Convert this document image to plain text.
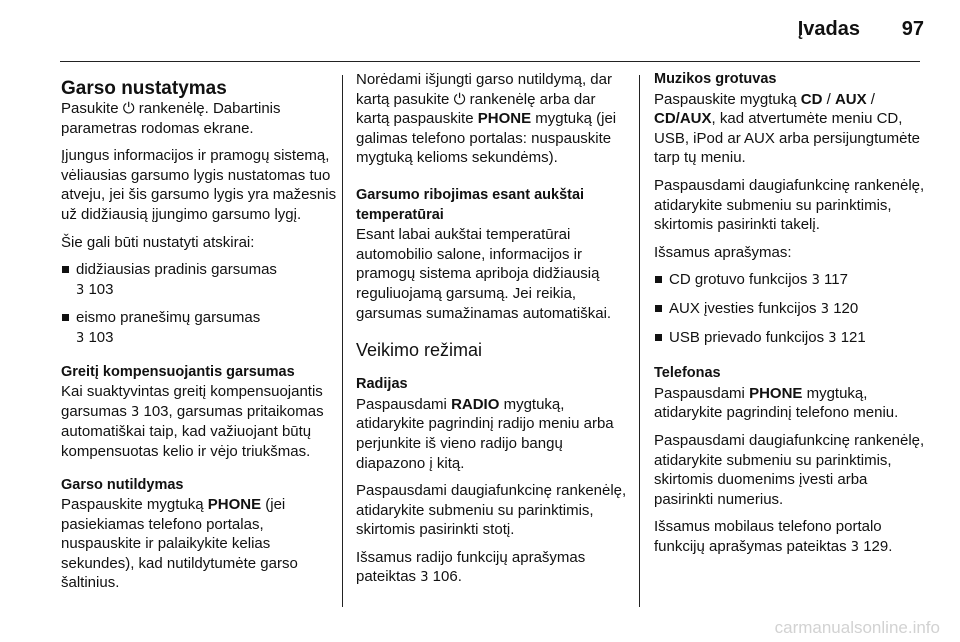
Įvadas	97
Garso nustatymas

Pasukite ⏻ rankenėlę. Dabartinis parametras rodomas ekrane.

Įjungus informacijos ir pramogų sistemą, vėliausias garsumo lygis nustatomas tuo atveju, jei šis garsumo lygis yra mažesnis už didžiausią įjungimo garsumo lygį.

Šie gali būti nustatyti atskirai:

didžiausias pradinis garsumas
3 103
eismo pranešimų garsumas
3 103
Greitį kompensuojantis garsumas

Kai suaktyvintas greitį kompensuojantis garsumas 3 103, garsumas pritaikomas automatiškai taip, kad važiuojant būtų kompensuotas kelio ir vėjo triukšmas.

Garso nutildymas

Paspauskite mygtuką PHONE (jei pasiekiamas telefono portalas, nuspauskite ir palaikykite kelias sekundes), kad nutildytumėte garso šaltinius.

Norėdami išjungti garso nutildymą, dar kartą pasukite ⏻ rankenėlę arba dar kartą paspauskite PHONE mygtuką (jei galimas telefono portalas: nuspauskite mygtuką kelioms sekundėms).

Garsumo ribojimas esant aukštai temperatūrai

Esant labai aukštai temperatūrai automobilio salone, informacijos ir pramogų sistema apriboja didžiausią reguliuojamą garsumą. Jei reikia, garsumas sumažinamas automatiškai.

Veikimo režimai
Radijas

Paspausdami RADIO mygtuką, atidarykite pagrindinį radijo meniu arba perjunkite iš vieno radijo bangų diapazono į kitą.

Paspausdami daugiafunkcinę rankenėlę, atidarykite submeniu su parinktimis, skirtomis pasirinkti stotį.

Išsamus radijo funkcijų aprašymas pateiktas 3 106.

Muzikos grotuvas

Paspauskite mygtuką CD / AUX / CD/AUX, kad atvertumėte meniu CD, USB, iPod ar AUX arba persijungtumėte tarp tų meniu.

Paspausdami daugiafunkcinę rankenėlę, atidarykite submeniu su parinktimis, skirtomis pasirinkti takelį.

Išsamus aprašymas:

CD grotuvo funkcijos 3 117
AUX įvesties funkcijos 3 120
USB prievado funkcijos 3 121
Telefonas

Paspausdami PHONE mygtuką, atidarykite pagrindinį telefono meniu.

Paspausdami daugiafunkcinę rankenėlę, atidarykite submeniu su parinktimis, skirtomis duomenims įvesti arba pasirinkti numerius.

Išsamus mobilaus telefono portalo funkcijų aprašymas pateiktas 3 129.

carmanualsonline.info
